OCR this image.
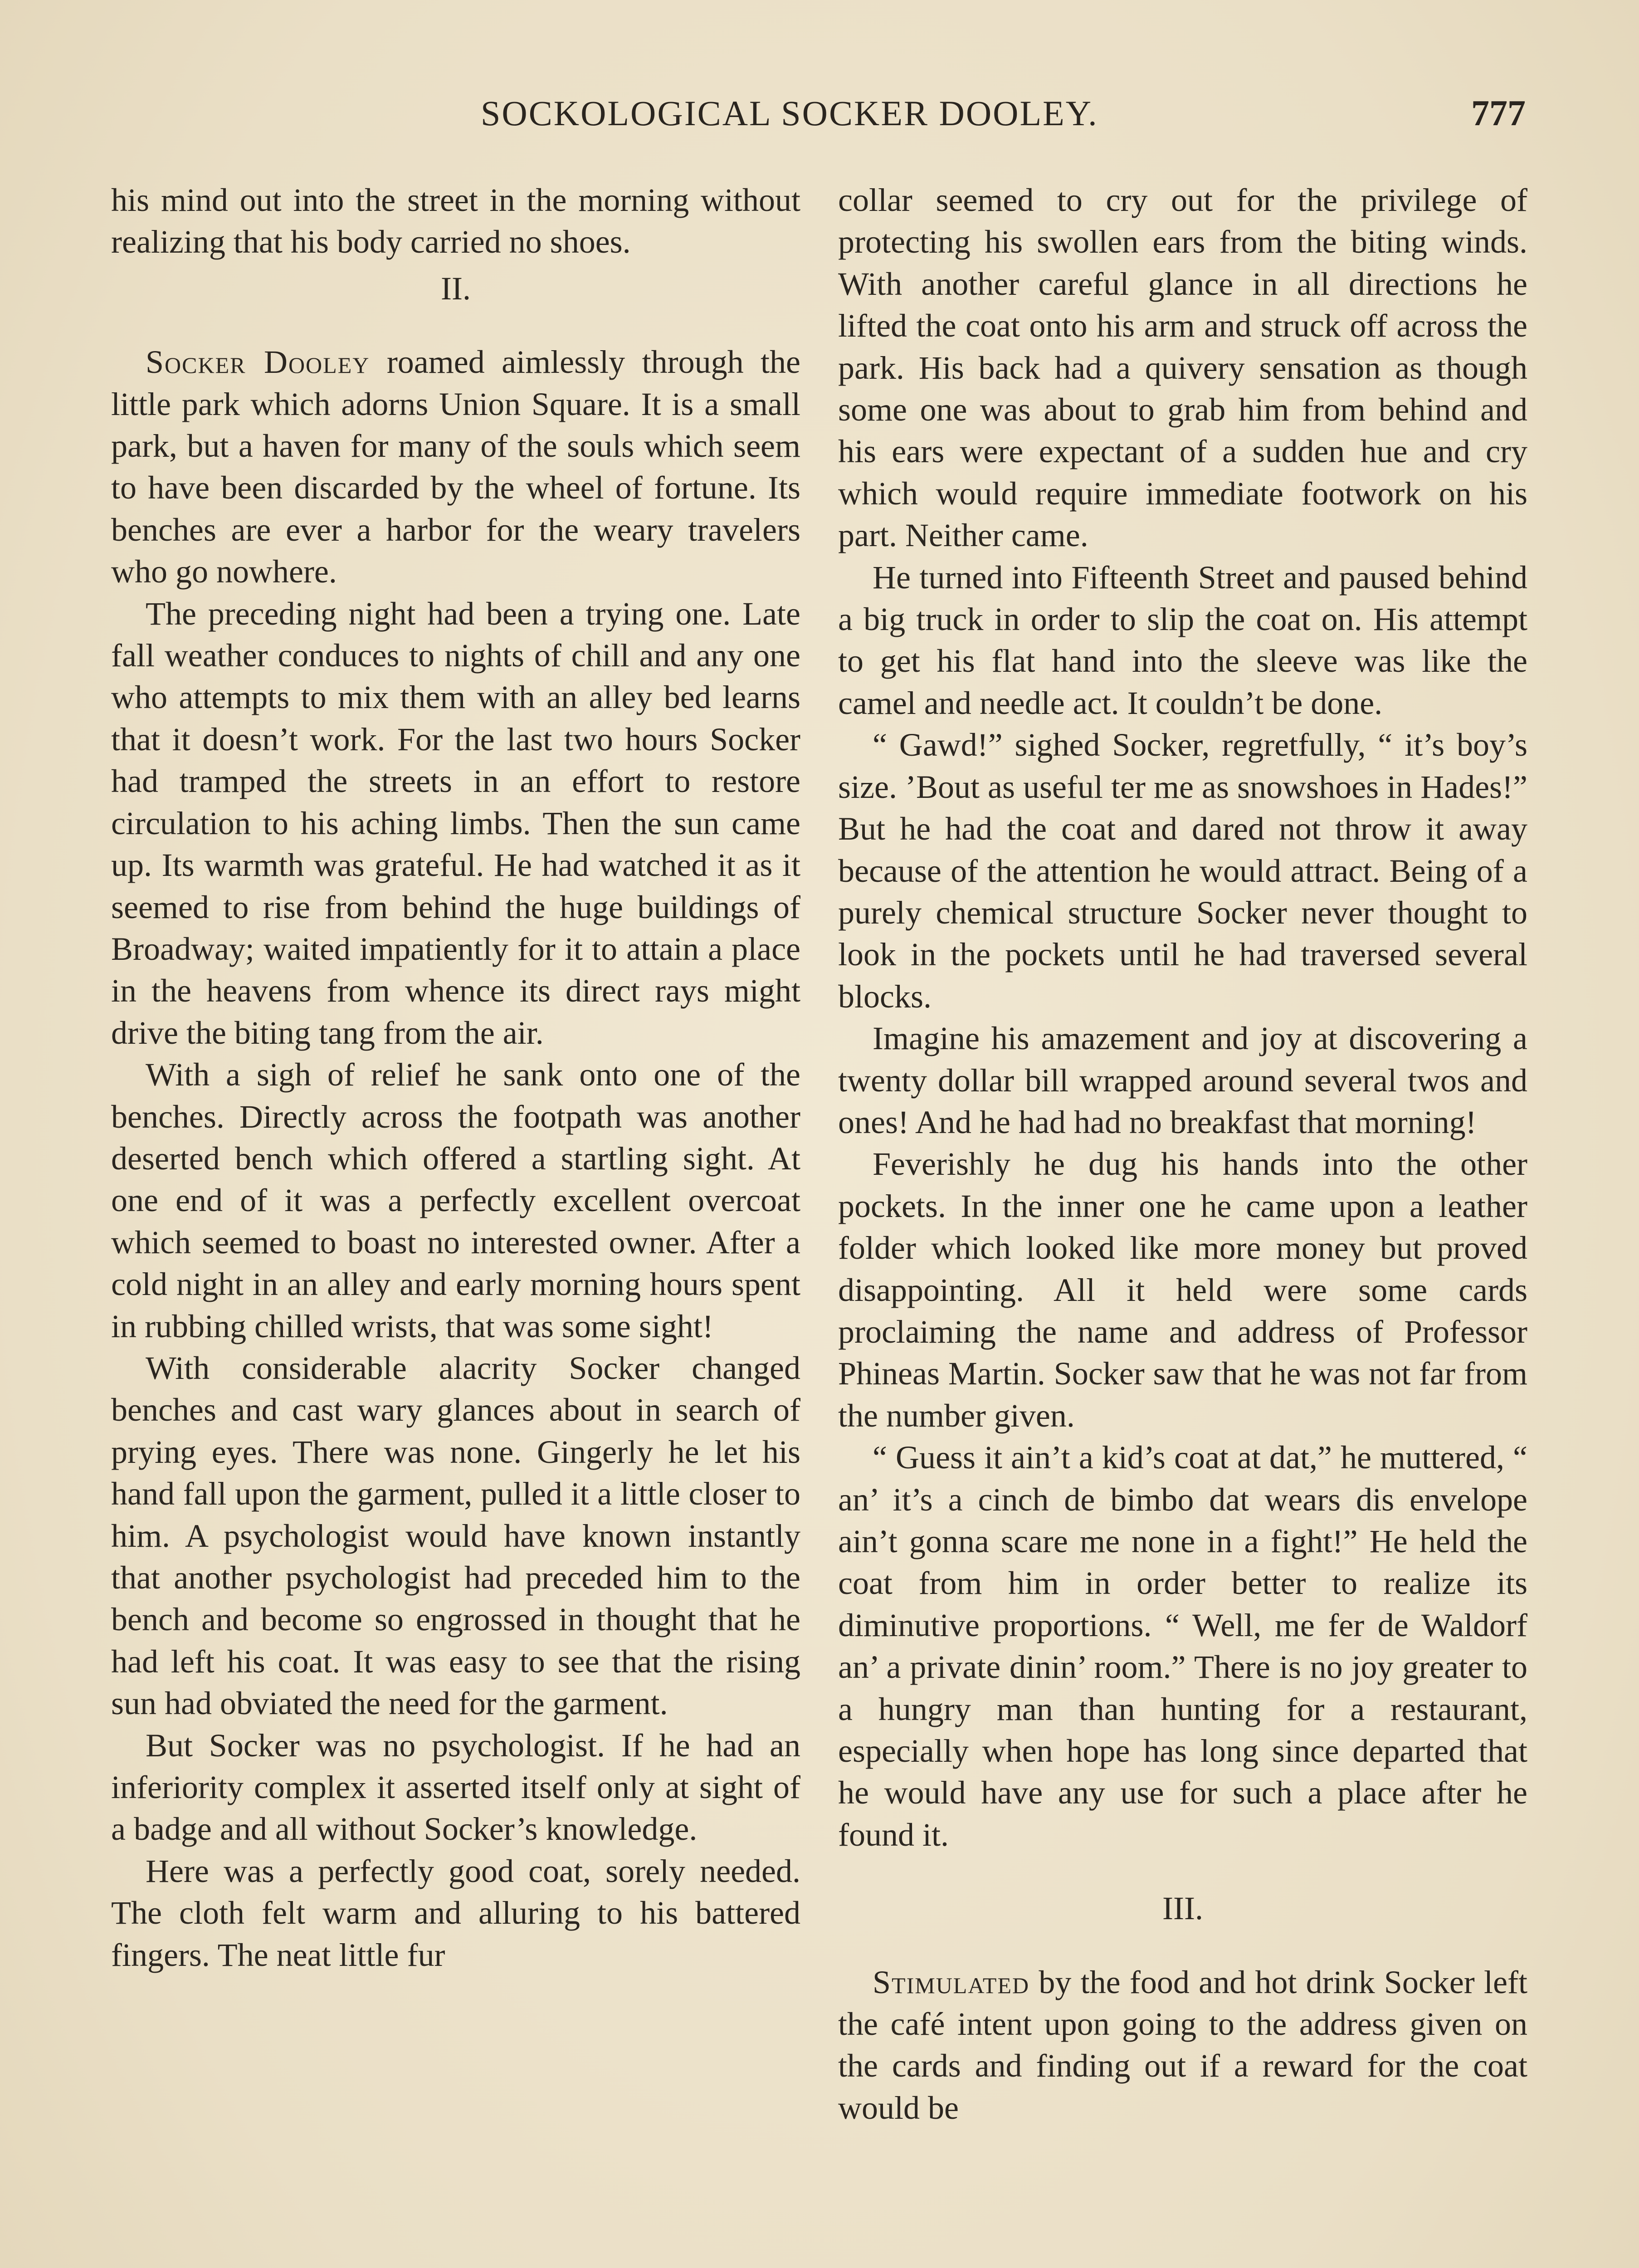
SOCKOLOGICAL SOCKER DOOLEY.	777

his mind out into the street in the morning without realizing that his body carried no shoes.

II.

Socker Dooley roamed aimlessly through the little park which adorns Union Square. It is a small park, but a haven for many of the souls which seem to have been discarded by the wheel of fortune. Its benches are ever a harbor for the weary travelers who go nowhere.

The preceding night had been a trying one. Late fall weather conduces to nights of chill and any one who attempts to mix them with an alley bed learns that it doesn’t work. For the last two hours Socker had tramped the streets in an effort to restore circulation to his aching limbs. Then the sun came up. Its warmth was grateful. He had watched it as it seemed to rise from behind the huge buildings of Broadway; waited impatiently for it to attain a place in the heavens from whence its direct rays might drive the biting tang from the air.

With a sigh of relief he sank onto one of the benches. Directly across the footpath was another deserted bench which offered a startling sight. At one end of it was a perfectly excellent overcoat which seemed to boast no interested owner. After a cold night in an alley and early morning hours spent in rubbing chilled wrists, that was some sight!

With considerable alacrity Socker changed benches and cast wary glances about in search of prying eyes. There was none. Gingerly he let his hand fall upon the garment, pulled it a little closer to him. A psychologist would have known instantly that another psychologist had preceded him to the bench and become so engrossed in thought that he had left his coat. It was easy to see that the rising sun had obviated the need for the garment.

But Socker was no psychologist. If he had an inferiority complex it asserted itself only at sight of a badge and all without Socker’s knowledge.

Here was a perfectly good coat, sorely needed. The cloth felt warm and alluring to his battered fingers. The neat little fur

collar seemed to cry out for the privilege of protecting his swollen ears from the biting winds. With another careful glance in all directions he lifted the coat onto his arm and struck off across the park. His back had a quivery sensation as though some one was about to grab him from behind and his ears were expectant of a sudden hue and cry which would require immediate footwork on his part. Neither came.

He turned into Fifteenth Street and paused behind a big truck in order to slip the coat on. His attempt to get his flat hand into the sleeve was like the camel and needle act. It couldn’t be done.

“ Gawd!” sighed Socker, regretfully, “ it’s boy’s size. ’Bout as useful ter me as snowshoes in Hades!” But he had the coat and dared not throw it away because of the attention he would attract. Being of a purely chemical structure Socker never thought to look in the pockets until he had traversed several blocks.

Imagine his amazement and joy at discovering a twenty dollar bill wrapped around several twos and ones! And he had had no breakfast that morning!

Feverishly he dug his hands into the other pockets. In the inner one he came upon a leather folder which looked like more money but proved disappointing. All it held were some cards proclaiming the name and address of Professor Phineas Martin. Socker saw that he was not far from the number given.

“ Guess it ain’t a kid’s coat at dat,” he muttered, “ an’ it’s a cinch de bimbo dat wears dis envelope ain’t gonna scare me none in a fight!” He held the coat from him in order better to realize its diminutive proportions. “ Well, me fer de Waldorf an’ a private dinin’ room.” There is no joy greater to a hungry man than hunting for a restaurant, especially when hope has long since departed that he would have any use for such a place after he found it.

III.

Stimulated by the food and hot drink Socker left the café intent upon going to the address given on the cards and finding out if a reward for the coat would be
